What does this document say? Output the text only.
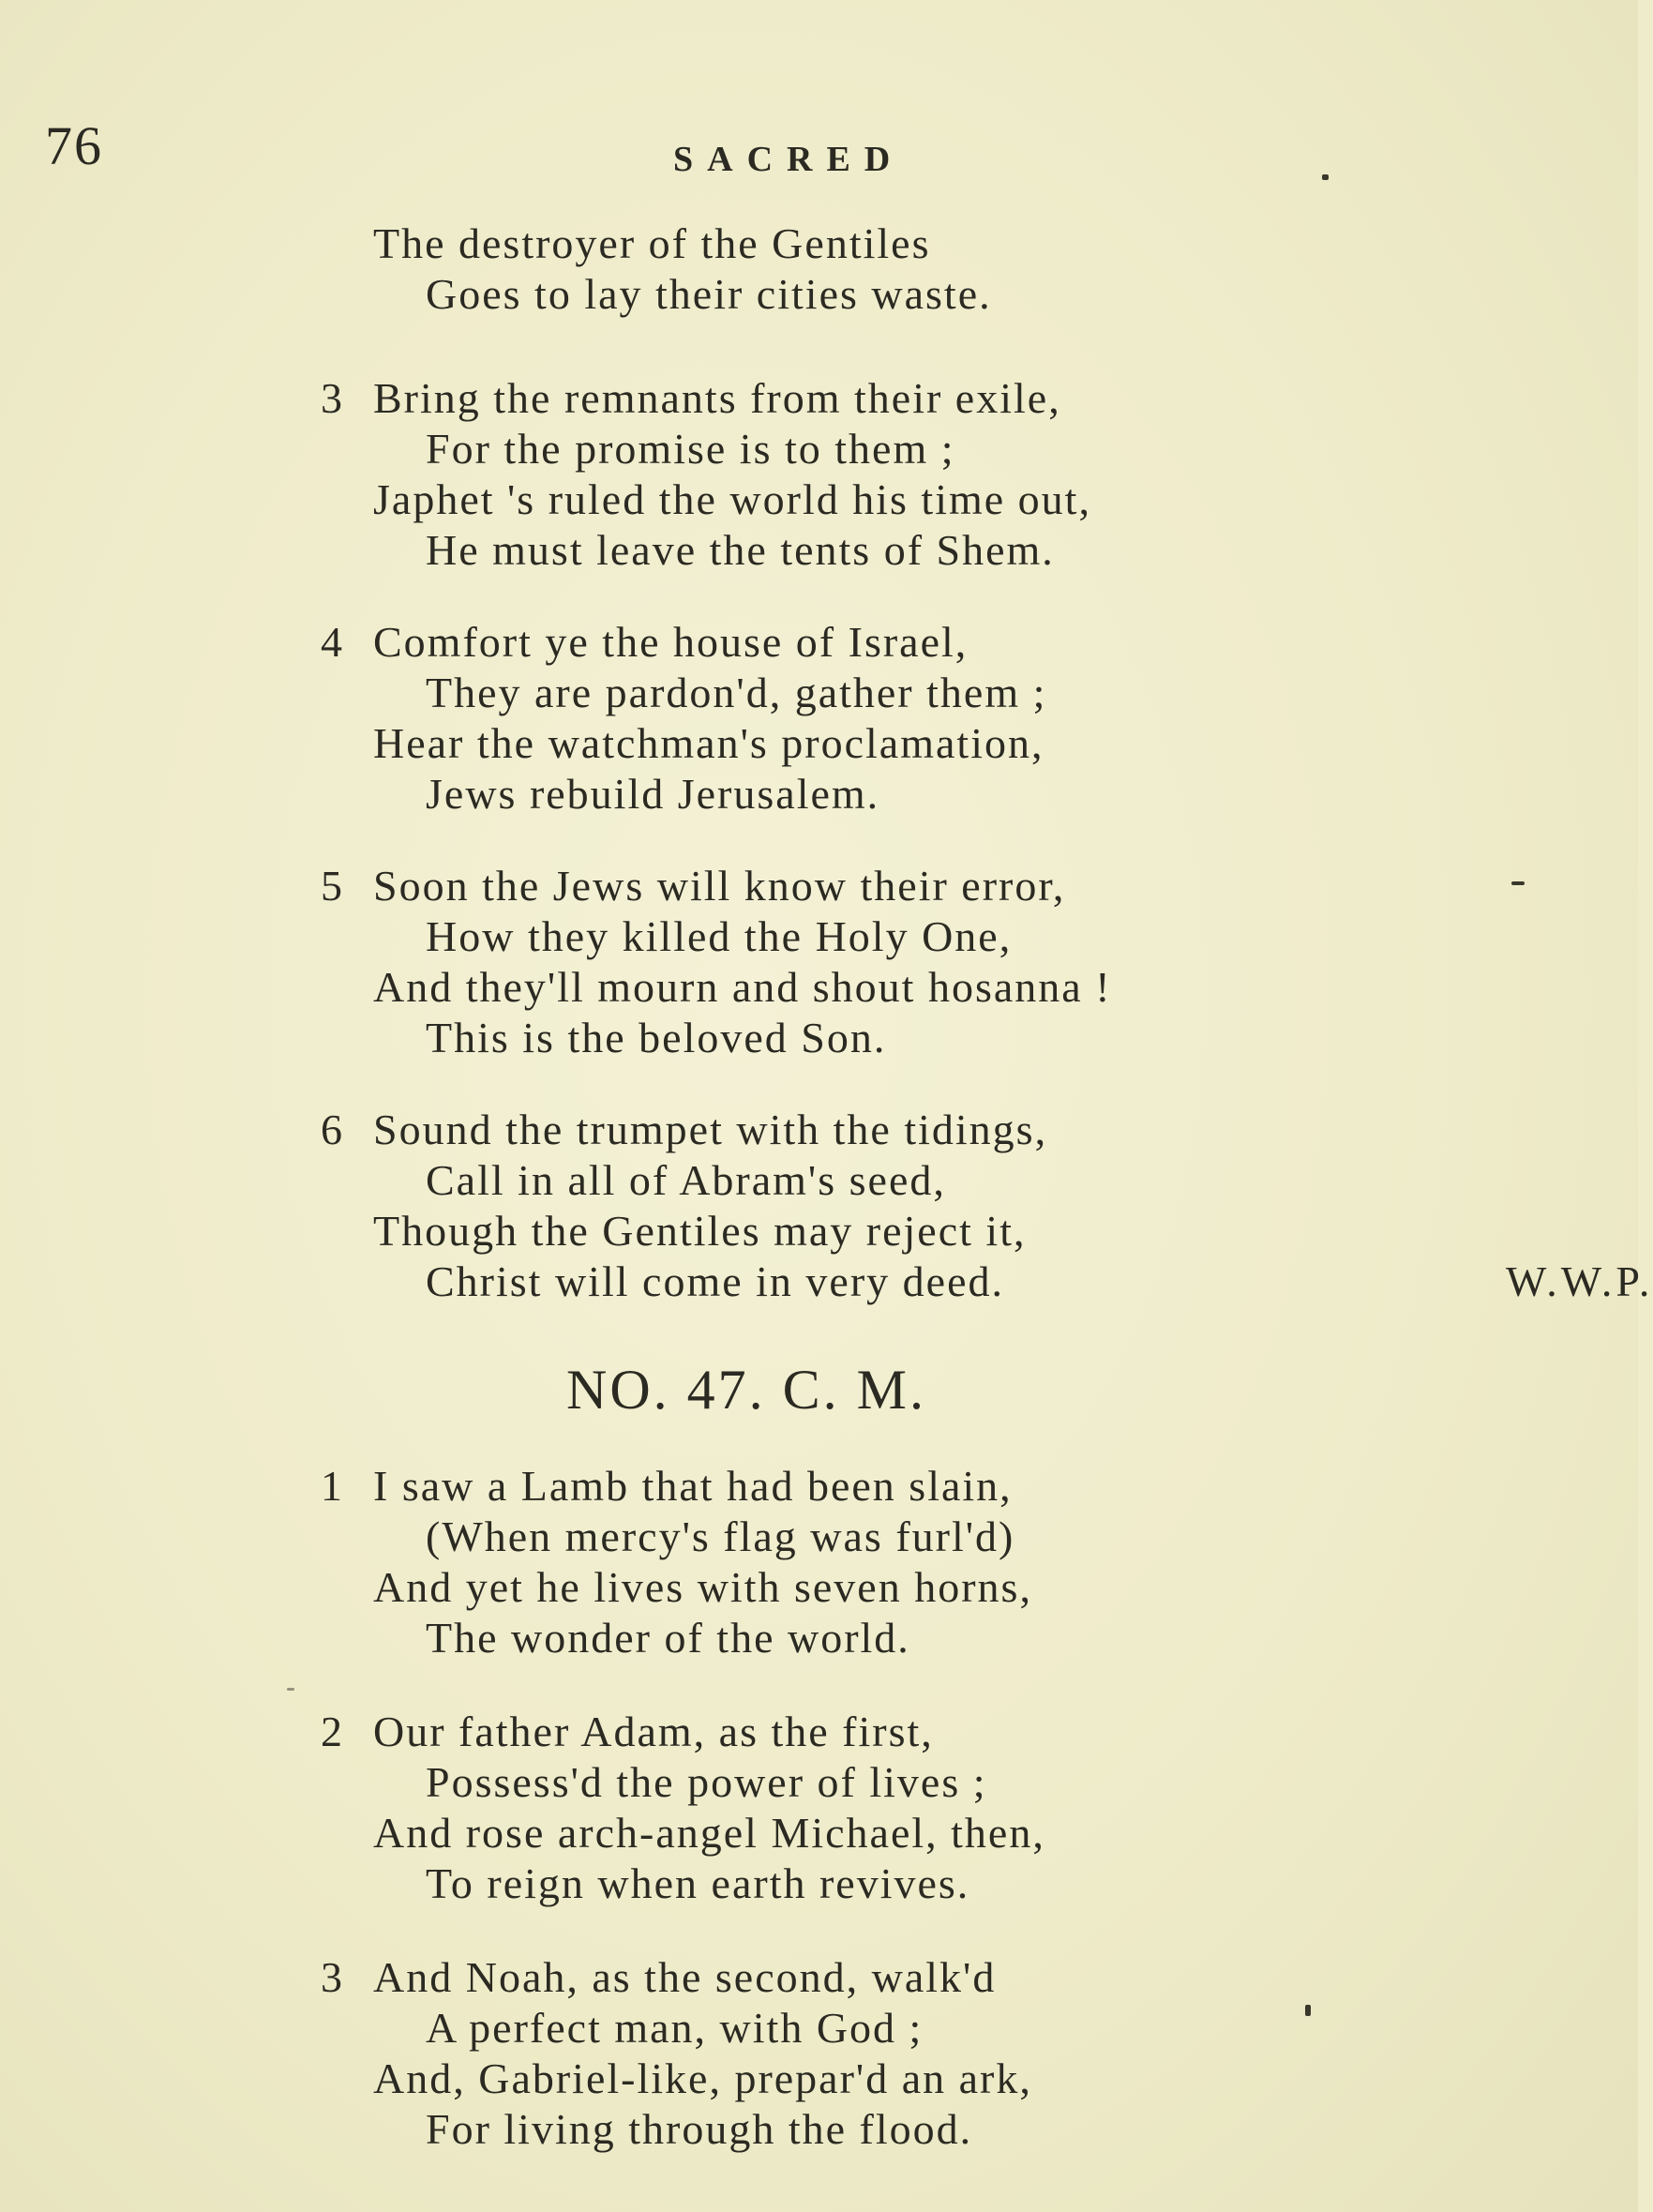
76	SACRED
The destroyer of the Gentiles
Goes to lay their cities waste.
3 Bring the remnants from their exile,
For the promise is to them ;
Japhet 's ruled the world his time out,
He must leave the tents of Shem.
4 Comfort ye the house of Israel,
They are pardon'd, gather them ;
Hear the watchman's proclamation,
Jews rebuild Jerusalem.
5 Soon the Jews will know their error,
How they killed the Holy One,
And they'll mourn and shout hosanna !
This is the beloved Son.
6 Sound the trumpet with the tidings,
Call in all of Abram's seed,
Though the Gentiles may reject it,
Christ will come in very deed.	W.W.P.
NO. 47. C. M.
1 I saw a Lamb that had been slain,
(When mercy's flag was furl'd)
And yet he lives with seven horns,
The wonder of the world.
2 Our father Adam, as the first,
Possess'd the power of lives ;
And rose arch-angel Michael, then,
To reign when earth revives.
3 And Noah, as the second, walk'd
A perfect man, with God ;
And, Gabriel-like, prepar'd an ark,
For living through the flood.
